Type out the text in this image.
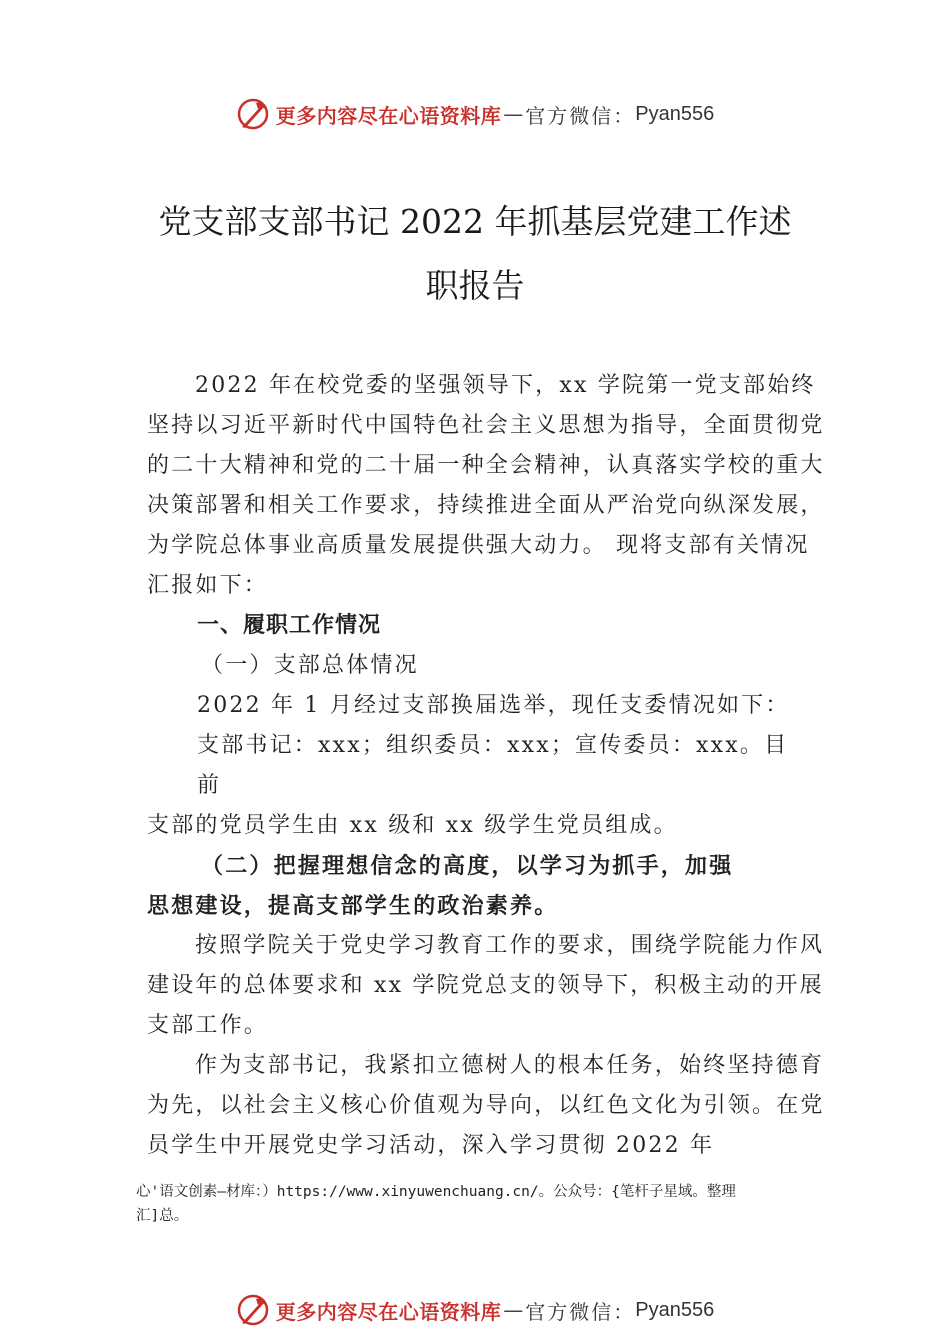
更多内容尽在心语资料库 — 官方微信： Pyan556
党支部支部书记 2022 年抓基层党建工作述
职报告

2022 年在校党委的坚强领导下，xx 学院第一党支部始终坚持以习近平新时代中国特色社会主义思想为指导，全面贯彻党的二十大精神和党的二十届一种全会精神，认真落实学校的重大决策部署和相关工作要求，持续推进全面从严治党向纵深发展，为学院总体事业高质量发展提供强大动力。 现将支部有关情况汇报如下：

一、履职工作情况

（一）支部总体情况

2022 年 1 月经过支部换届选举，现任支委情况如下：

支部书记：xxx；组织委员：xxx；宣传委员：xxx。目

前

支部的党员学生由 xx 级和 xx 级学生党员组成。

（二）把握理想信念的高度，以学习为抓手，加强

思想建设，提高支部学生的政治素养。

按照学院关于党史学习教育工作的要求，围绕学院能力作风建设年的总体要求和 xx 学院党总支的领导下，积极主动的开展支部工作。

作为支部书记，我紧扣立德树人的根本任务，始终坚持德育为先，以社会主义核心价值观为导向，以红色文化为引领。在党员学生中开展党史学习活动，深入学习贯彻 2022 年

心'语文创素—材库：）https://www.xinyuwenchuang.cn/。公众号：{笔杆子星域。整理
汇]总。
更多内容尽在心语资料库 — 官方微信： Pyan556
